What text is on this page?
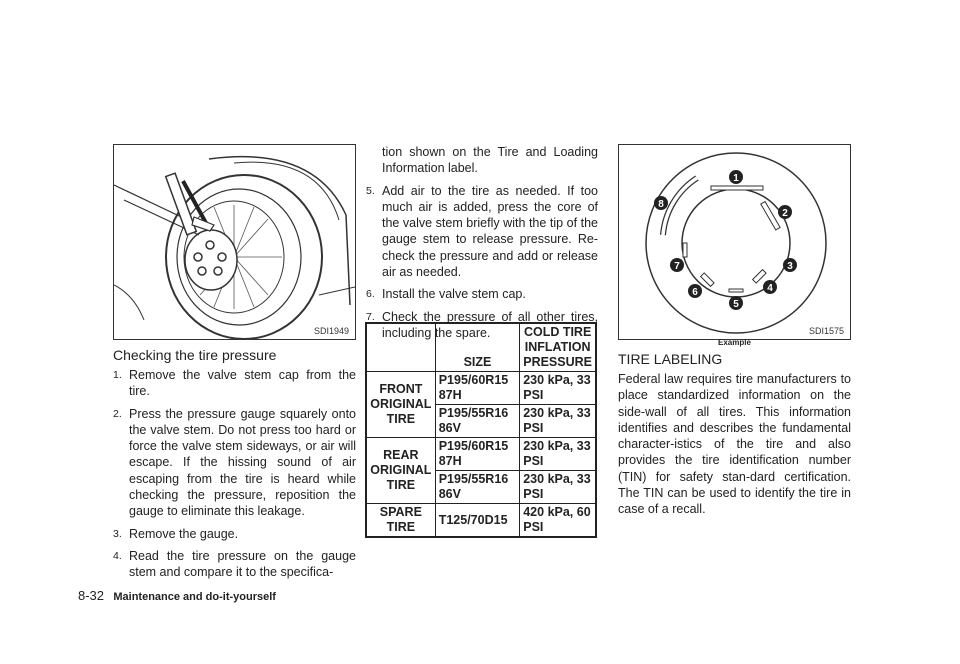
SDI1949
Checking the tire pressure
1. Remove the valve stem cap from the tire.
2. Press the pressure gauge squarely onto the valve stem. Do not press too hard or force the valve stem sideways, or air will escape. If the hissing sound of air escaping from the tire is heard while checking the pressure, reposition the gauge to eliminate this leakage.
3. Remove the gauge.
4. Read the tire pressure on the gauge stem and compare it to the specifica-

tion shown on the Tire and Loading Information label.

5. Add air to the tire as needed. If too much air is added, press the core of the valve stem briefly with the tip of the gauge stem to release pressure. Re-check the pressure and add or release air as needed.
6. Install the valve stem cap.
7. Check the pressure of all other tires, including the spare.
	SIZE	COLD TIRE INFLATION PRESSURE
FRONT ORIGINAL TIRE	P195/60R15 87H	230 kPa, 33 PSI
	P195/55R16 86V	230 kPa, 33 PSI
REAR ORIGINAL TIRE	P195/60R15 87H	230 kPa, 33 PSI
	P195/55R16 86V	230 kPa, 33 PSI
SPARE TIRE	T125/70D15	420 kPa, 60 PSI
1
2
3
4
5
6
7
8
SDI1575
Example
TIRE LABELING

Federal law requires tire manufacturers to place standardized information on the side-wall of all tires. This information identifies and describes the fundamental character-istics of the tire and also provides the tire identification number (TIN) for safety stan-dard certification. The TIN can be used to identify the tire in case of a recall.

8-32 Maintenance and do-it-yourself
